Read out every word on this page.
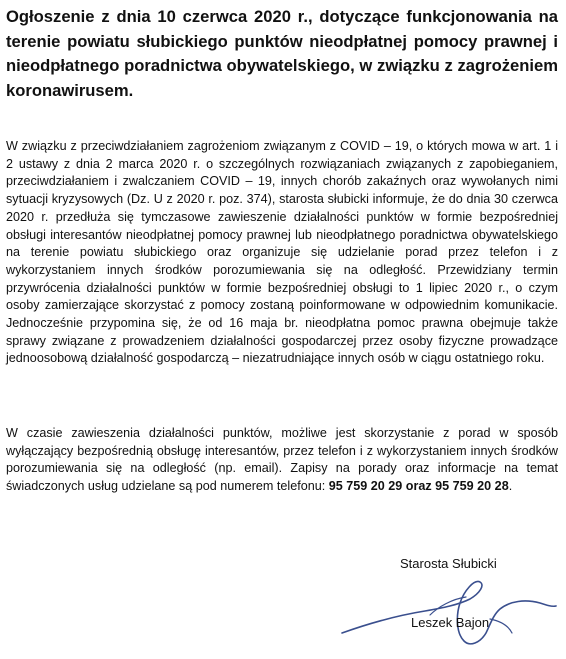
Ogłoszenie z dnia 10 czerwca 2020 r., dotyczące funkcjonowania na terenie powiatu słubickiego punktów nieodpłatnej pomocy prawnej i nieodpłatnego poradnictwa obywatelskiego, w związku z zagrożeniem koronawirusem.
W związku z przeciwdziałaniem zagrożeniom związanym z COVID – 19, o których mowa w art. 1 i 2 ustawy z dnia 2 marca 2020 r. o szczególnych rozwiązaniach związanych z zapobieganiem, przeciwdziałaniem i zwalczaniem COVID – 19, innych chorób zakaźnych oraz wywołanych nimi sytuacji kryzysowych (Dz. U z 2020 r. poz. 374), starosta słubicki informuje, że do dnia 30 czerwca 2020 r. przedłuża się tymczasowe zawieszenie działalności punktów w formie bezpośredniej obsługi interesantów nieodpłatnej pomocy prawnej lub nieodpłatnego poradnictwa obywatelskiego na terenie powiatu słubickiego oraz organizuje się udzielanie porad przez telefon i z wykorzystaniem innych środków porozumiewania się na odległość. Przewidziany termin przywrócenia działalności punktów w formie bezpośredniej obsługi to 1 lipiec 2020 r., o czym osoby zamierzające skorzystać z pomocy zostaną poinformowane w odpowiednim komunikacie. Jednocześnie przypomina się, że od 16 maja br. nieodpłatna pomoc prawna obejmuje także sprawy związane z prowadzeniem działalności gospodarczej przez osoby fizyczne prowadzące jednoosobową działalność gospodarczą – niezatrudniające innych osób w ciągu ostatniego roku.
W czasie zawieszenia działalności punktów, możliwe jest skorzystanie z porad w sposób wyłączający bezpośrednią obsługę interesantów, przez telefon i z wykorzystaniem innych środków porozumiewania się na odległość (np. email). Zapisy na porady oraz informacje na temat świadczonych usług udzielane są pod numerem telefonu: 95 759 20 29 oraz 95 759 20 28.
Starosta Słubicki
Leszek Bajon
